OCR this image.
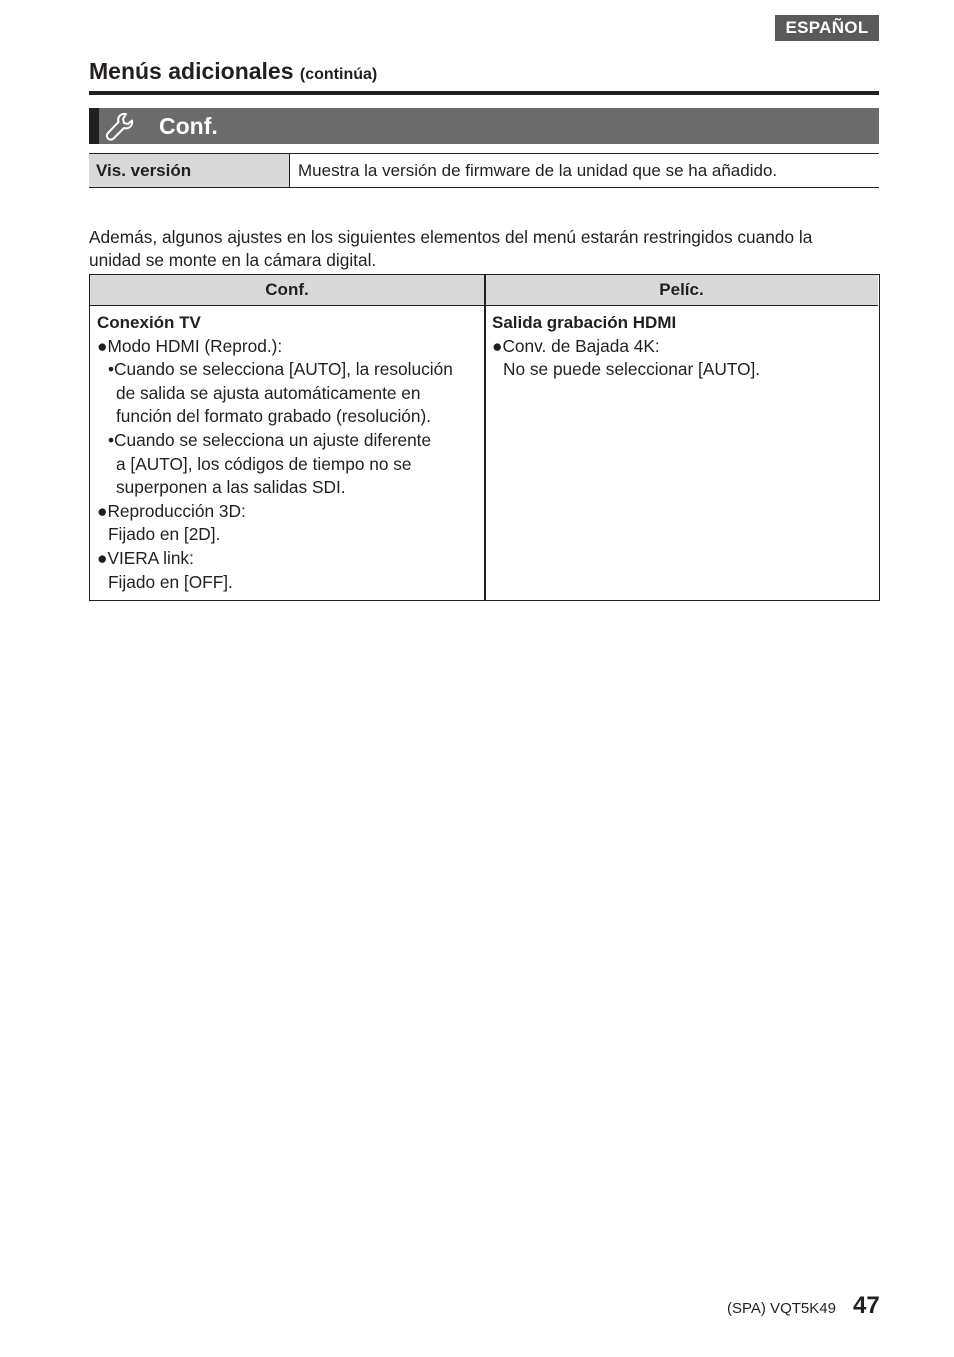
ESPAÑOL
Menús adicionales (continúa)
Conf.
Vis. versión	Muestra la versión de firmware de la unidad que se ha añadido.
Además, algunos ajustes en los siguientes elementos del menú estarán restringidos cuando la
unidad se monte en la cámara digital.
Conf.	Pelíc.
Conexión TV
●Modo HDMI (Reprod.):
•Cuando se selecciona [AUTO], la resolución
de salida se ajusta automáticamente en
función del formato grabado (resolución).
•Cuando se selecciona un ajuste diferente
a [AUTO], los códigos de tiempo no se
superponen a las salidas SDI.
●Reproducción 3D:
Fijado en [2D].
●VIERA link:
Fijado en [OFF].
Salida grabación HDMI
●Conv. de Bajada 4K:
No se puede seleccionar [AUTO].
(SPA) VQT5K49 47
